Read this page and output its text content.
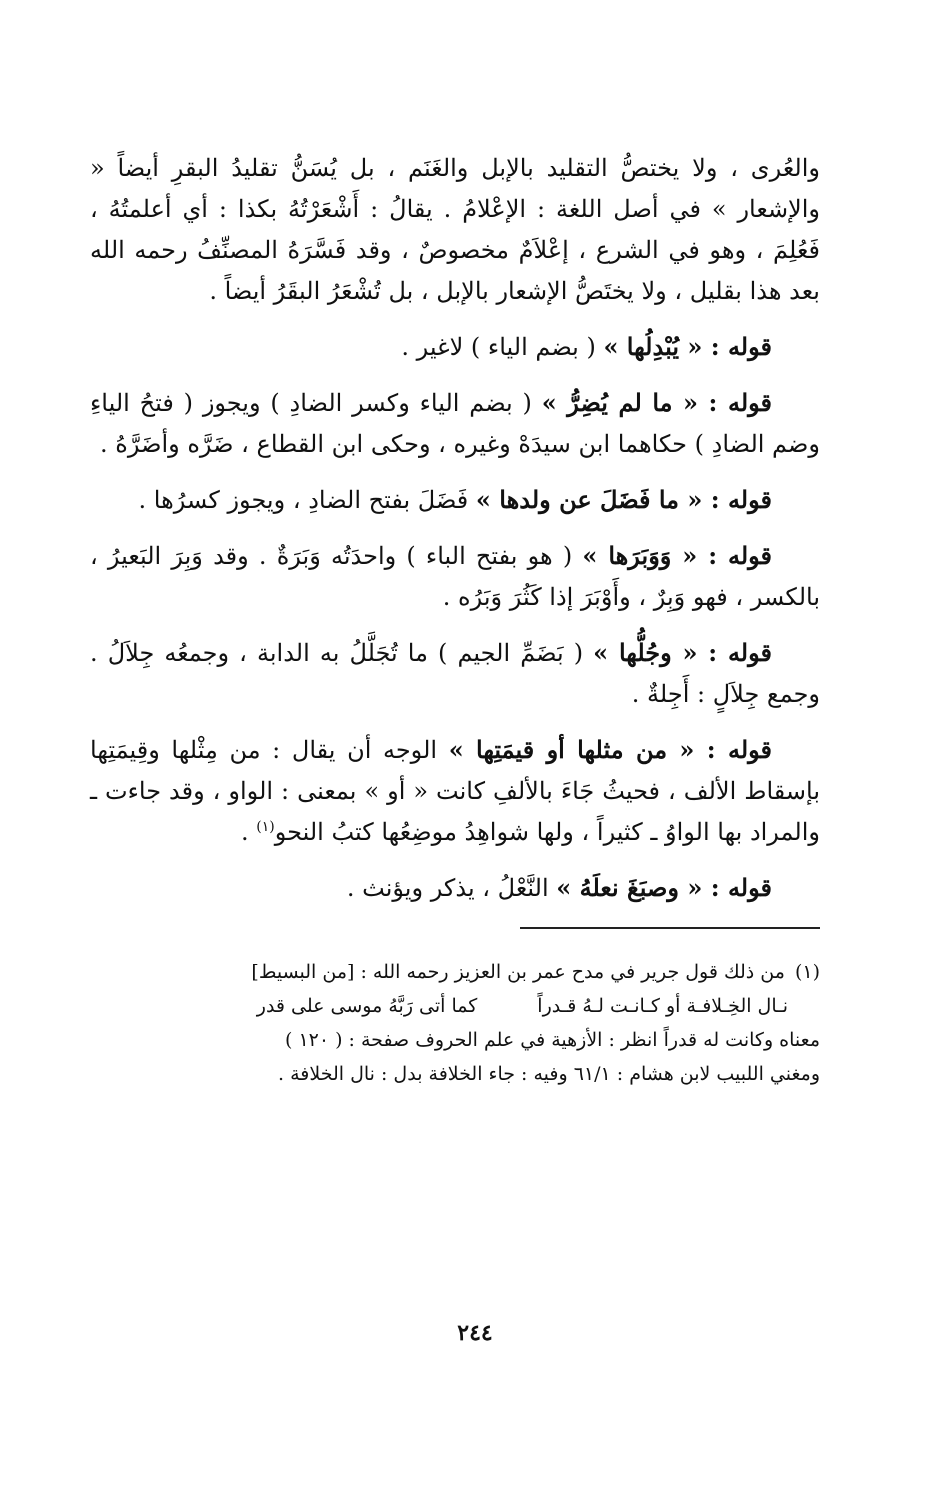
والعُرى ، ولا يختصُّ التقليد بالإبل والغَنَم ، بل يُسَنُّ تقليدُ البقرِ أيضاً « والإشعار » في أصل اللغة : الإعْلامُ . يقالُ : أَشْعَرْتُهُ بكذا : أي أعلمتُهُ ، فَعُلِمَ ، وهو في الشرع ، إعْلاَمٌ مخصوصٌ ، وقد فَسَّرَهُ المصنِّفُ رحمه الله بعد هذا بقليل ، ولا يختَصُّ الإشعار بالإبل ، بل تُشْعَرُ البقَرُ أيضاً .

قوله : « يُبْدِلُها » ( بضم الياء ) لاغير .

قوله : « ما لم يُضِرُّ » ( بضم الياء وكسر الضادِ ) ويجوز ( فتحُ الياءِ وضم الضادِ ) حكاهما ابن سيدَهْ وغيره ، وحكى ابن القطاع ، ضَرَّه وأضَرَّهُ .

قوله : « ما فَضَلَ عن ولدها » فَضَلَ بفتح الضادِ ، ويجوز كسرُها .

قوله : « وَوَبَرَها » ( هو بفتح الباء ) واحدَتُه وَبَرَةٌ . وقد وَبِرَ البَعيرُ ، بالكسر ، فهو وَبِرٌ ، وأَوْبَرَ إذا كَثُرَ وَبَرُه .

قوله : « وجُلُّها » ( بَضَمِّ الجيم ) ما تُجَلَّلُ به الدابة ، وجمعُه جِلاَلُ . وجمع جِلاَلٍ : أَجِلةٌ .

قوله : « من مثلها أو قيمَتِها » الوجه أن يقال : من مِثْلها وقِيمَتِها بإسقاط الألف ، فحيثُ جَاءَ بالألفِ كانت « أو » بمعنى : الواو ، وقد جاءت ـ والمراد بها الواوُ ـ كثيراً ، ولها شواهِدُ موضِعُها كتبُ النحو$^{(١)}$ .

قوله : « وصبَغَ نعلَهُ » النَّعْلُ ، يذكر ويؤنث .

(١)من ذلك قول جرير في مدح عمر بن العزيز رحمه الله : [من البسيط]

نـال الخِـلافـة أو كـانـت لـهُ قـدراً
كما أتى رَبَّهُ موسى على قدر

معناه وكانت له قدراً انظر : الأزهية في علم الحروف صفحة : ( ١٢٠ )

ومغني اللبيب لابن هشام : ٦١/١ وفيه : جاء الخلافة بدل : نال الخلافة .

٢٤٤
